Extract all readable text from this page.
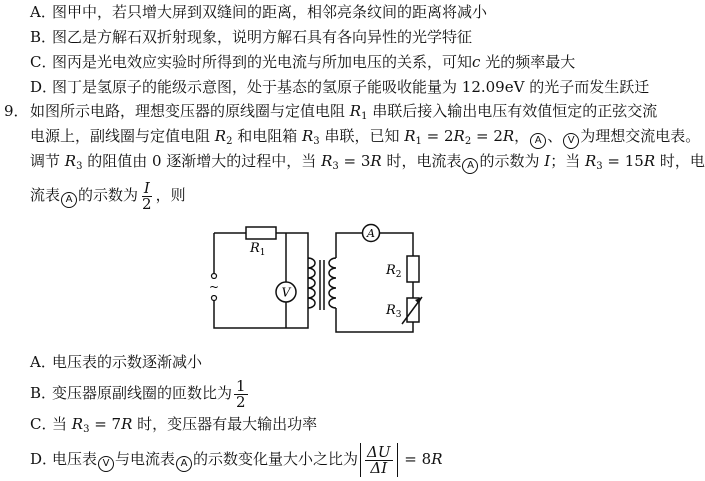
A．图甲中，若只增大屏到双缝间的距离，相邻亮条纹间的距离将减小
B．图乙是方解石双折射现象，说明方解石具有各向异性的光学特征
C．图丙是光电效应实验时所得到的光电流与所加电压的关系，可知c 光的频率最大
D．图丁是氢原子的能级示意图，处于基态的氢原子能吸收能量为 12.09eV 的光子而发生跃迁
9．如图所示电路，理想变压器的原线圈与定值电阻 $R_1$ 串联后接入输出电压有效值恒定的正弦交流
电源上，副线圈与定值电阻 $R_2$ 和电阻箱 $R_3$ 串联，已知 $R_1 = 2R_2 = 2R$， A 、 V 为理想交流电表。
调节 $R_3$ 的阻值由 0 逐渐增大的过程中，当 $R_3 = 3R$ 时，电流表 A 的示数为 I；当 $R_3 = 15R$ 时，电
流表 A 的示数为 $\frac{I}{2}$ ，则
~	V
A
$R_1$
$R_2$
$R_3$
A．电压表的示数逐渐减小
B．变压器原副线圈的匝数比为 $\frac{1}{2}$
C．当 $R_3 = 7R$ 时，变压器有最大输出功率
D．电压表 V 与电流表 A 的示数变化量大小之比为 $\frac{\Delta U}{\Delta I} = 8R$
